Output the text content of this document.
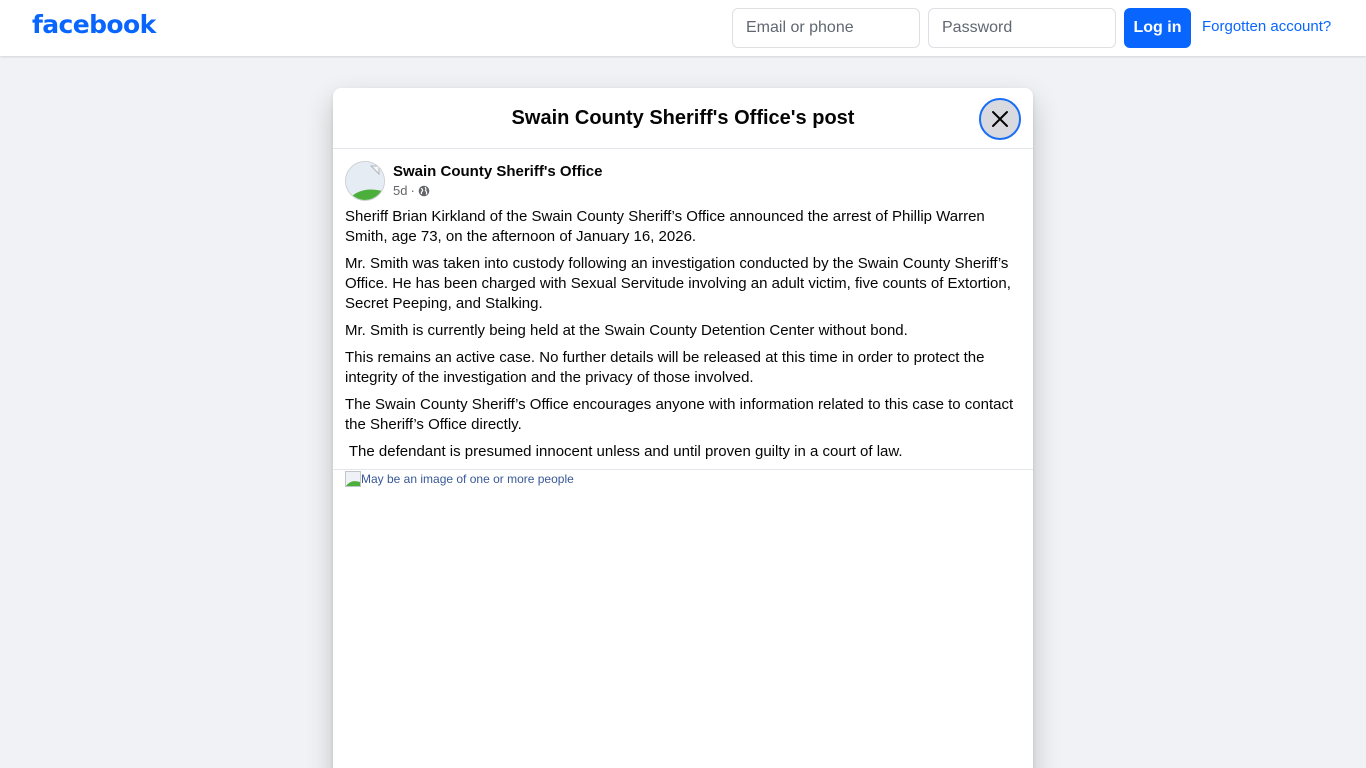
facebook
Email or phone	Log in	Forgotten account?
Swain County Sheriff's Office's post
Swain County Sheriff's Office
5d ·

Sheriff Brian Kirkland of the Swain County Sheriff’s Office announced the arrest of Phillip Warren Smith, age 73, on the afternoon of January 16, 2026.

Mr. Smith was taken into custody following an investigation conducted by the Swain County Sheriff’s Office. He has been charged with Sexual Servitude involving an adult victim, five counts of Extortion, Secret Peeping, and Stalking.

Mr. Smith is currently being held at the Swain County Detention Center without bond.

This remains an active case. No further details will be released at this time in order to protect the integrity of the investigation and the privacy of those involved.

The Swain County Sheriff’s Office encourages anyone with information related to this case to contact the Sheriff’s Office directly.

The defendant is presumed innocent unless and until proven guilty in a court of law.

May be an image of one or more people
